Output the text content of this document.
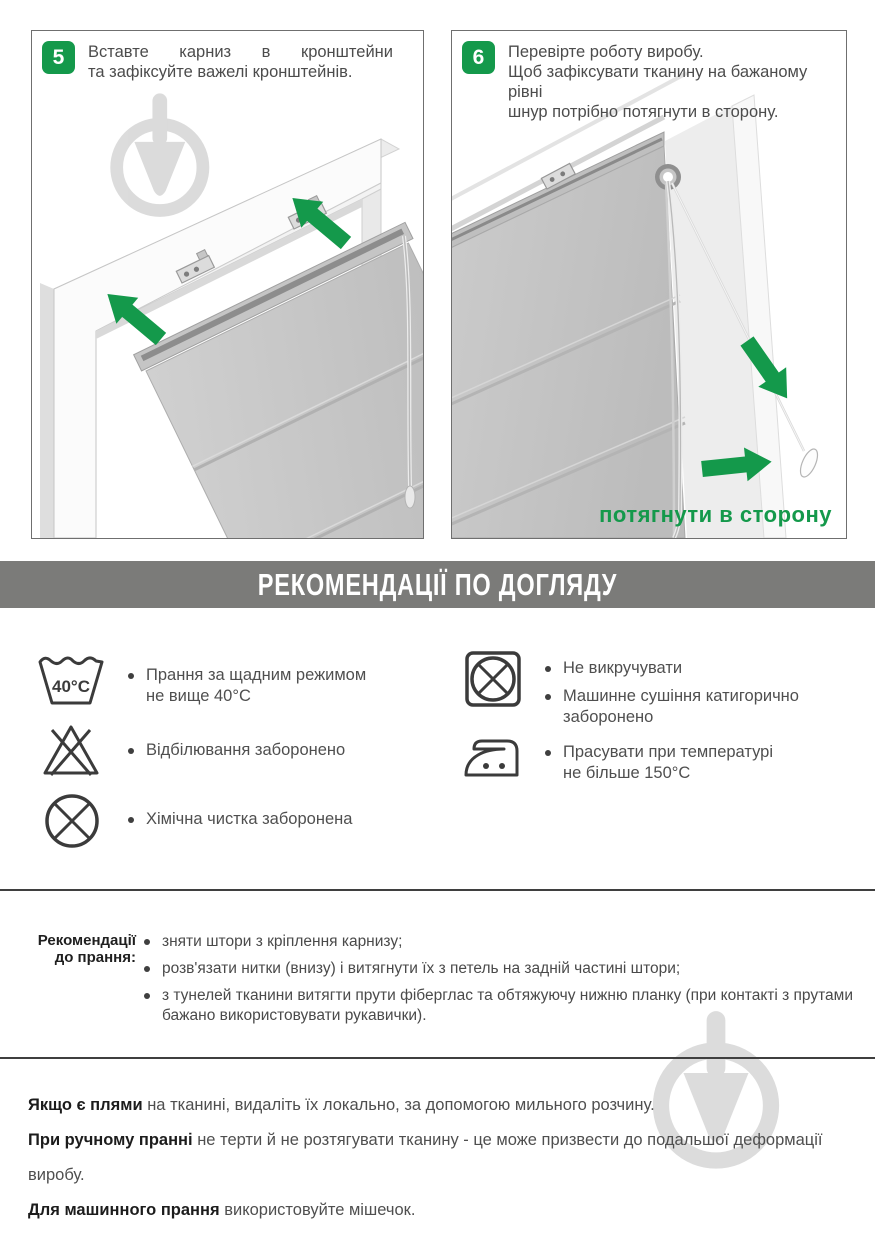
5	Вставте карниз в кронштейни
та зафіксуйте важелі кронштейнів.
6	Перевірте роботу виробу.
Щоб зафіксувати тканину на бажаному рівні
шнур потрібно потягнути в сторону.
потягнути в сторону
РЕКОМЕНДАЦІЇ ПО ДОГЛЯДУ
40°C
Прання за щадним режимом
не вище 40°С
Відбілювання заборонено
Хімічна чистка заборонена
Не викручувати
Машинне сушіння катигорично
заборонено
Прасувати при температурі
не більше 150°С
Рекомендації
до прання:
зняти штори з кріплення карнизу;
розв'язати нитки (внизу) і витягнути їх з петель на задній частині штори;
з тунелей тканини витягти прути фіберглас та обтяжуючу нижню планку (при контакті з прутами бажано використовувати рукавички).

Якщо є плями на тканині, видаліть їх локально, за допомогою мильного розчину.

При ручному пранні не терти й не розтягувати тканину - це може призвести до подальшої деформації виробу.

Для машинного прання використовуйте мішечок.
